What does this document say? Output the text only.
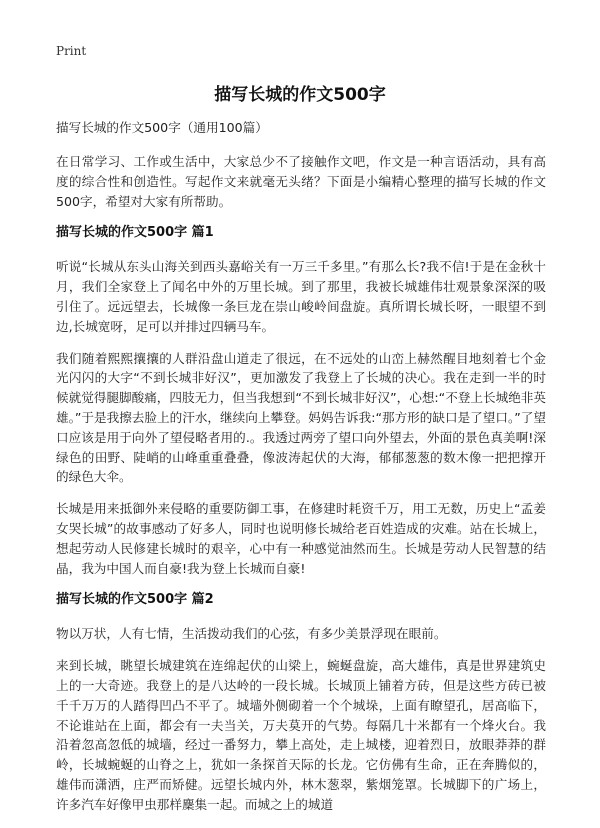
Print
描写长城的作文500字

描写长城的作文500字（通用100篇）

在日常学习、工作或生活中，大家总少不了接触作文吧，作文是一种言语活动，具有高度的综合性和创造性。写起作文来就毫无头绪？下面是小编精心整理的描写长城的作文500字，希望对大家有所帮助。

描写长城的作文500字 篇1

听说“长城从东头山海关到西头嘉峪关有一万三千多里。”有那么长?我不信!于是在金秋十月，我们全家登上了闻名中外的万里长城。到了那里，我被长城雄伟壮观景象深深的吸引住了。远远望去，长城像一条巨龙在崇山峻岭间盘旋。真所谓长城长呀，一眼望不到边,长城宽呀，足可以并排过四辆马车。

我们随着熙熙攘攘的人群沿盘山道走了很远，在不远处的山峦上赫然醒目地刻着七个金光闪闪的大字“不到长城非好汉”，更加激发了我登上了长城的决心。我在走到一半的时候就觉得腿脚酸痛，四肢无力，但当我想到“不到长城非好汉”，心想:“不登上长城绝非英雄。”于是我擦去脸上的汗水，继续向上攀登。妈妈告诉我:“那方形的缺口是了望口。”了望口应该是用于向外了望侵略者用的.。我透过两旁了望口向外望去，外面的景色真美啊!深绿色的田野、陡峭的山峰重重叠叠，像波涛起伏的大海，郁郁葱葱的数木像一把把撑开的绿色大伞。

长城是用来抵御外来侵略的重要防御工事，在修建时耗资千万，用工无数，历史上“孟姜女哭长城”的故事感动了好多人，同时也说明修长城给老百姓造成的灾难。站在长城上，想起劳动人民修建长城时的艰辛，心中有一种感觉油然而生。长城是劳动人民智慧的结晶，我为中国人而自豪!我为登上长城而自豪!

描写长城的作文500字 篇2

物以万状，人有七情，生活拨动我们的心弦，有多少美景浮现在眼前。

来到长城，眺望长城建筑在连绵起伏的山梁上，蜿蜒盘旋，高大雄伟，真是世界建筑史上的一大奇迹。我登上的是八达岭的一段长城。长城顶上铺着方砖，但是这些方砖已被千千万万的人踏得凹凸不平了。城墙外侧砌着一个个城垛，上面有瞭望孔，居高临下，不论谁站在上面，都会有一夫当关，万夫莫开的气势。每隔几十米都有一个烽火台。我沿着忽高忽低的城墙，经过一番努力，攀上高处，走上城楼，迎着烈日，放眼莽莽的群岭，长城蜿蜒的山脊之上，犹如一条探首天际的长龙。它仿佛有生命，正在奔腾似的，雄伟而潇洒，庄严而矫健。远望长城内外，林木葱翠，紫烟笼罩。长城脚下的广场上，许多汽车好像甲虫那样麇集一起。而城之上的城道
